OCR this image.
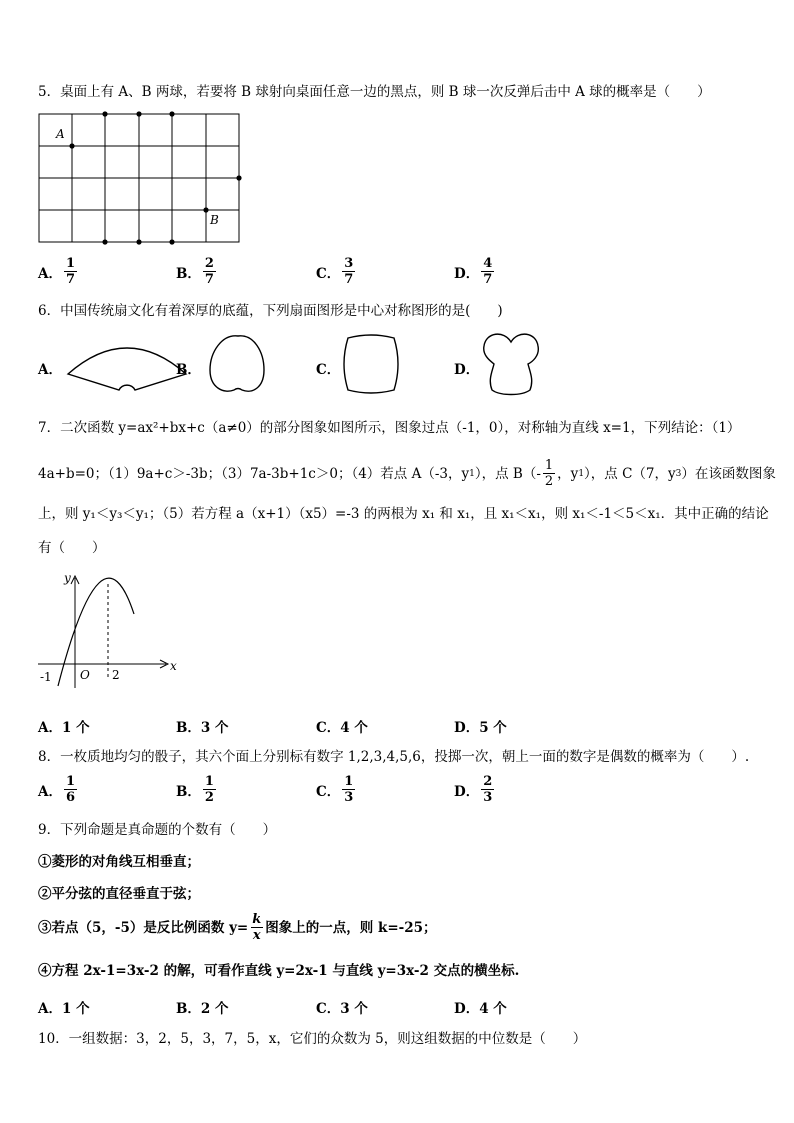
5．桌面上有 A、B 两球，若要将 B 球射向桌面任意一边的黑点，则 B 球一次反弹后击中 A 球的概率是（　　）
A
B
A． $\frac{1}{7}$	B． $\frac{2}{7}$	C． $\frac{3}{7}$	D． $\frac{4}{7}$
6．中国传统扇文化有着深厚的底蕴，下列扇面图形是中心对称图形的是(　　)
A．	B．	C．	D．
7．二次函数 y=ax²+bx+c（a≠0）的部分图象如图所示，图象过点（-1，0），对称轴为直线 x=1，下列结论：（1）
4a+b=0；（1）9a+c＞-3b；（3）7a-3b+1c＞0；（4）若点 A（-3，y 1 ），点 $B(- \frac{1}{2}$ ，y 1 ），点 C（7，y 3 ）在该函数图象
上，则 y₁＜y₃＜y₁；（5）若方程 a（x+1）（x5）=-3 的两根为 x₁ 和 x₁，且 x₁＜x₁，则 x₁＜-1＜5＜x₁．其中正确的结论
有（　　）
y
x
O
-1	2
A．1 个	B．3 个	C．4 个	D．5 个
8．一枚质地均匀的骰子，其六个面上分别标有数字 1,2,3,4,5,6，投掷一次，朝上一面的数字是偶数的概率为（　　）.
A． $\frac{1}{6}$	B． $\frac{1}{2}$	C． $\frac{1}{3}$	D． $\frac{2}{3}$
9．下列命题是真命题的个数有（　　）
①菱形的对角线互相垂直；
②平分弦的直径垂直于弦；
③若点（5，-5）是反比例函数 $y= \frac{k}{x}$ 图象上的一点，则 k=-25；
④方程 2x-1=3x-2 的解，可看作直线 y=2x-1 与直线 y=3x-2 交点的横坐标.
A．1 个	B．2 个	C．3 个	D．4 个
10．一组数据：3，2，5，3，7，5，x，它们的众数为 5，则这组数据的中位数是（　　）
